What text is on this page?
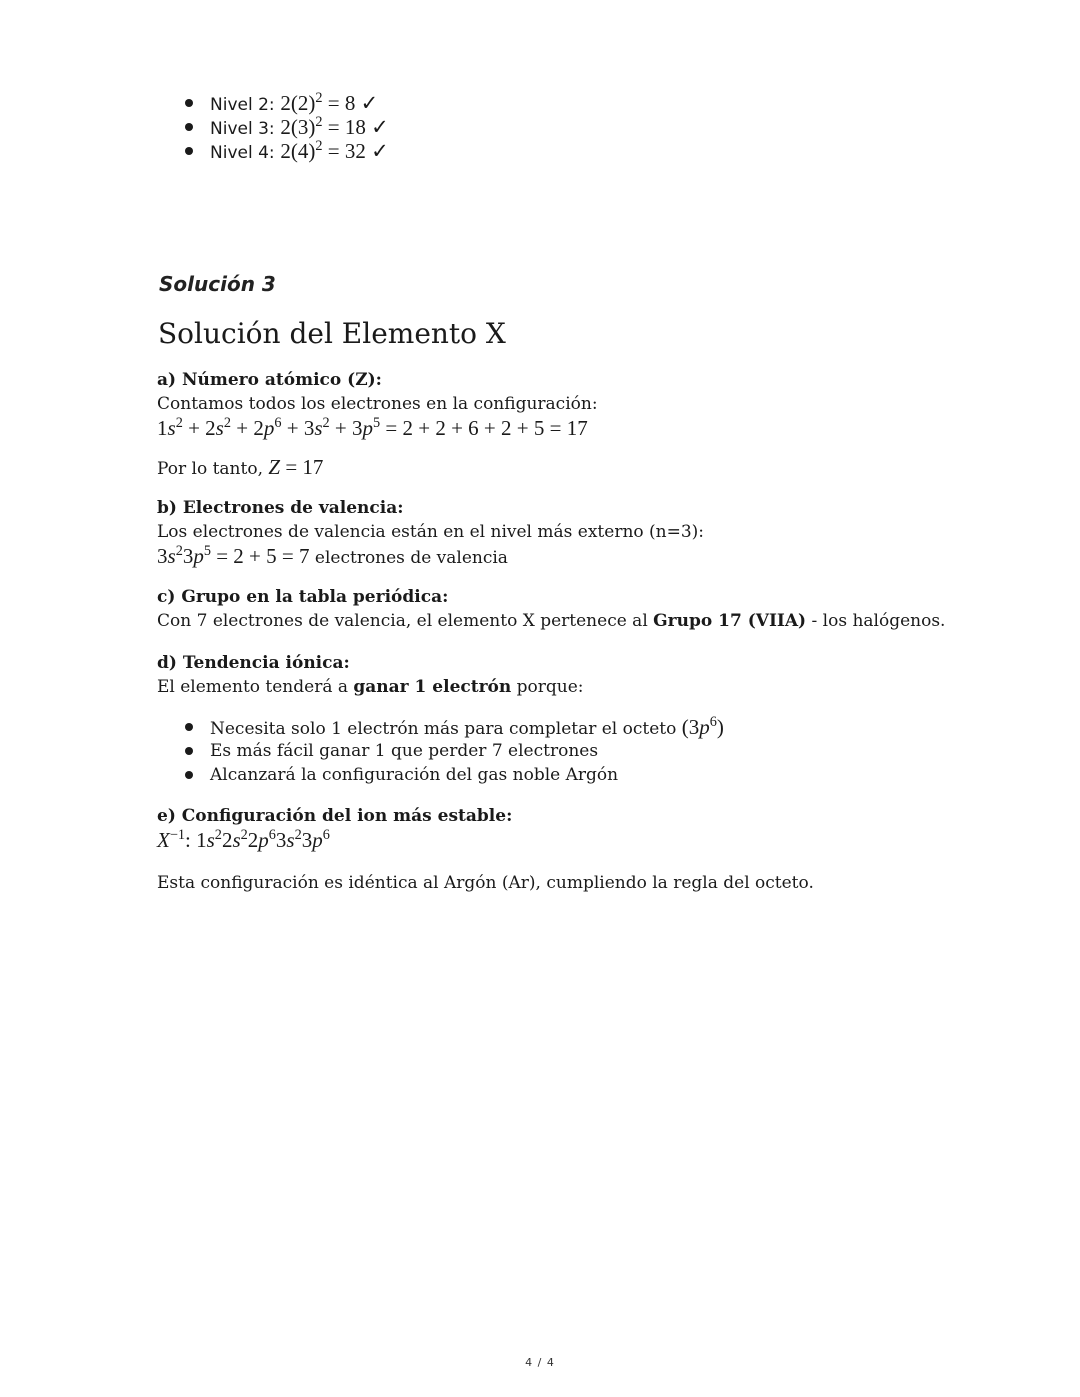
Nivel 2: $2(2)^2 = 8$ ✓
Nivel 3: $2(3)^2 = 18$ ✓
Nivel 4: $2(4)^2 = 32$ ✓
Solución 3
Solución del Elemento X
a) Número atómico (Z):
Contamos todos los electrones en la configuración:
$1s^2 + 2s^2 + 2p^6 + 3s^2 + 3p^5 = 2 + 2 + 6 + 2 + 5 = 17$
Por lo tanto, Z = 17
b) Electrones de valencia:
Los electrones de valencia están en el nivel más externo (n=3):
$3s^23p^5 = 2 + 5 = 7$ electrones de valencia
c) Grupo en la tabla periódica:
Con 7 electrones de valencia, el elemento X pertenece al Grupo 17 (VIIA) - los halógenos.
d) Tendencia iónica:
El elemento tenderá a ganar 1 electrón porque:
Necesita solo 1 electrón más para completar el octeto $(3p^6)$
Es más fácil ganar 1 que perder 7 electrones
Alcanzará la configuración del gas noble Argón
e) Configuración del ion más estable:
$X^{-1}$: $1s^22s^22p^63s^23p^6$
Esta configuración es idéntica al Argón (Ar), cumpliendo la regla del octeto.
4 / 4
